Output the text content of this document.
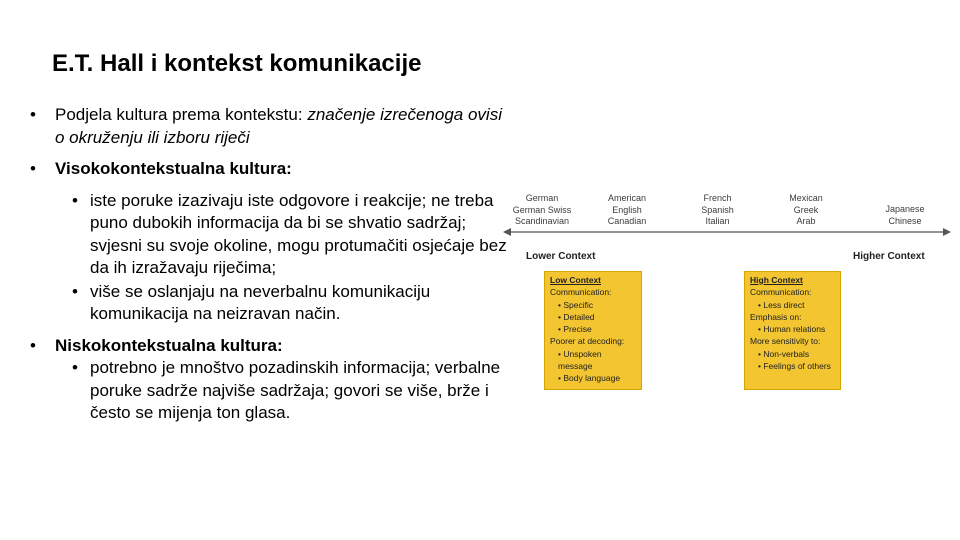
E.T. Hall i kontekst komunikacije
• Podjela kultura prema kontekstu: značenje izrečenoga ovisi o okruženju ili izboru riječi
• Visokokontekstualna kultura:
• iste poruke izazivaju iste odgovore i reakcije; ne treba puno dubokih informacija da bi se shvatio sadržaj; svjesni su svoje okoline, mogu protumačiti osjećaje bez da ih izražavaju riječima;
• više se oslanjaju na neverbalnu komunikaciju komunikacija na neizravan način.
• Niskokontekstualna kultura:
• potrebno je mnoštvo pozadinskih informacija; verbalne poruke sadrže najviše sadržaja; govori se više, brže i često se mijenja ton glasa.
German
German Swiss
Scandinavian
American
English
Canadian
French
Spanish
Italian
Mexican
Greek
Arab
Japanese
Chinese
Lower Context	Higher Context
Low Context
Communication:
• Specific
• Detailed
• Precise
Poorer at decoding:
• Unspoken message
• Body language
High Context
Communication:
• Less direct
Emphasis on:
• Human relations
More sensitivity to:
• Non-verbals
• Feelings of others
